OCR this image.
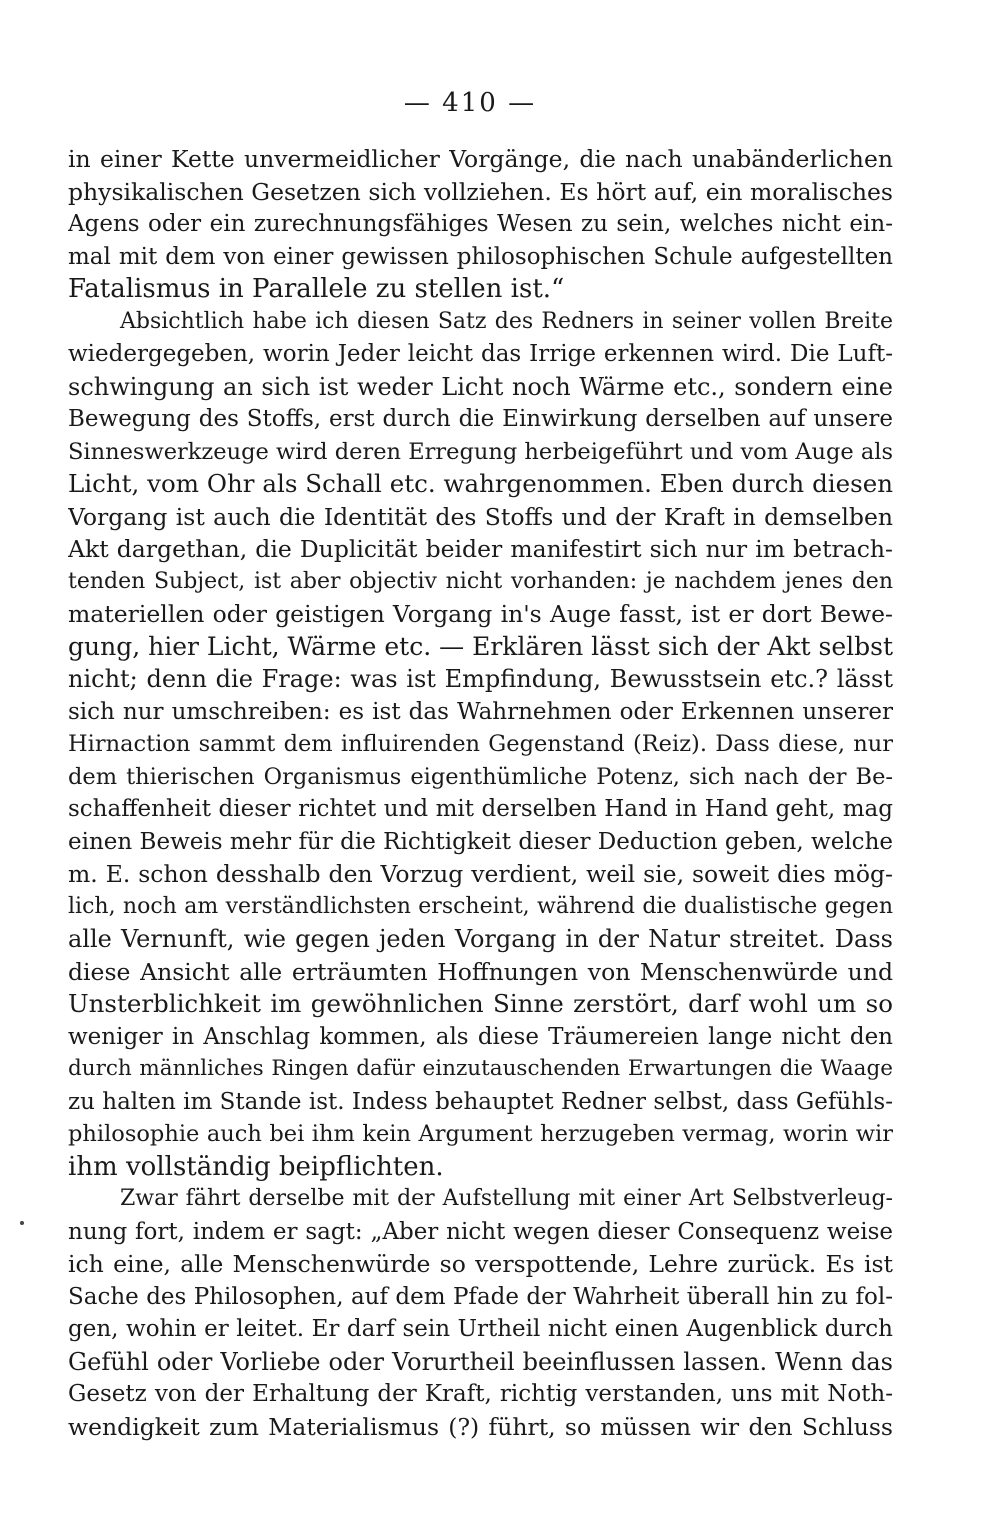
— 410 —
in einer Kette unvermeidlicher Vorgänge, die nach unabänderlichen
physikalischen Gesetzen sich vollziehen. Es hört auf, ein moralisches
Agens oder ein zurechnungsfähiges Wesen zu sein, welches nicht ein-
mal mit dem von einer gewissen philosophischen Schule aufgestellten
Fatalismus in Parallele zu stellen ist.“
Absichtlich habe ich diesen Satz des Redners in seiner vollen Breite
wiedergegeben, worin Jeder leicht das Irrige erkennen wird. Die Luft-
schwingung an sich ist weder Licht noch Wärme etc., sondern eine
Bewegung des Stoffs, erst durch die Einwirkung derselben auf unsere
Sinneswerkzeuge wird deren Erregung herbeigeführt und vom Auge als
Licht, vom Ohr als Schall etc. wahrgenommen. Eben durch diesen
Vorgang ist auch die Identität des Stoffs und der Kraft in demselben
Akt dargethan, die Duplicität beider manifestirt sich nur im betrach-
tenden Subject, ist aber objectiv nicht vorhanden: je nachdem jenes den
materiellen oder geistigen Vorgang in's Auge fasst, ist er dort Bewe-
gung, hier Licht, Wärme etc. — Erklären lässt sich der Akt selbst
nicht; denn die Frage: was ist Empfindung, Bewusstsein etc.? lässt
sich nur umschreiben: es ist das Wahrnehmen oder Erkennen unserer
Hirnaction sammt dem influirenden Gegenstand (Reiz). Dass diese, nur
dem thierischen Organismus eigenthümliche Potenz, sich nach der Be-
schaffenheit dieser richtet und mit derselben Hand in Hand geht, mag
einen Beweis mehr für die Richtigkeit dieser Deduction geben, welche
m. E. schon desshalb den Vorzug verdient, weil sie, soweit dies mög-
lich, noch am verständlichsten erscheint, während die dualistische gegen
alle Vernunft, wie gegen jeden Vorgang in der Natur streitet. Dass
diese Ansicht alle erträumten Hoffnungen von Menschenwürde und
Unsterblichkeit im gewöhnlichen Sinne zerstört, darf wohl um so
weniger in Anschlag kommen, als diese Träumereien lange nicht den
durch männliches Ringen dafür einzutauschenden Erwartungen die Waage
zu halten im Stande ist. Indess behauptet Redner selbst, dass Gefühls-
philosophie auch bei ihm kein Argument herzugeben vermag, worin wir
ihm vollständig beipflichten.
Zwar fährt derselbe mit der Aufstellung mit einer Art Selbstverleug-
nung fort, indem er sagt: „Aber nicht wegen dieser Consequenz weise
ich eine, alle Menschenwürde so verspottende, Lehre zurück. Es ist
Sache des Philosophen, auf dem Pfade der Wahrheit überall hin zu fol-
gen, wohin er leitet. Er darf sein Urtheil nicht einen Augenblick durch
Gefühl oder Vorliebe oder Vorurtheil beeinflussen lassen. Wenn das
Gesetz von der Erhaltung der Kraft, richtig verstanden, uns mit Noth-
wendigkeit zum Materialismus (?) führt, so müssen wir den Schluss
